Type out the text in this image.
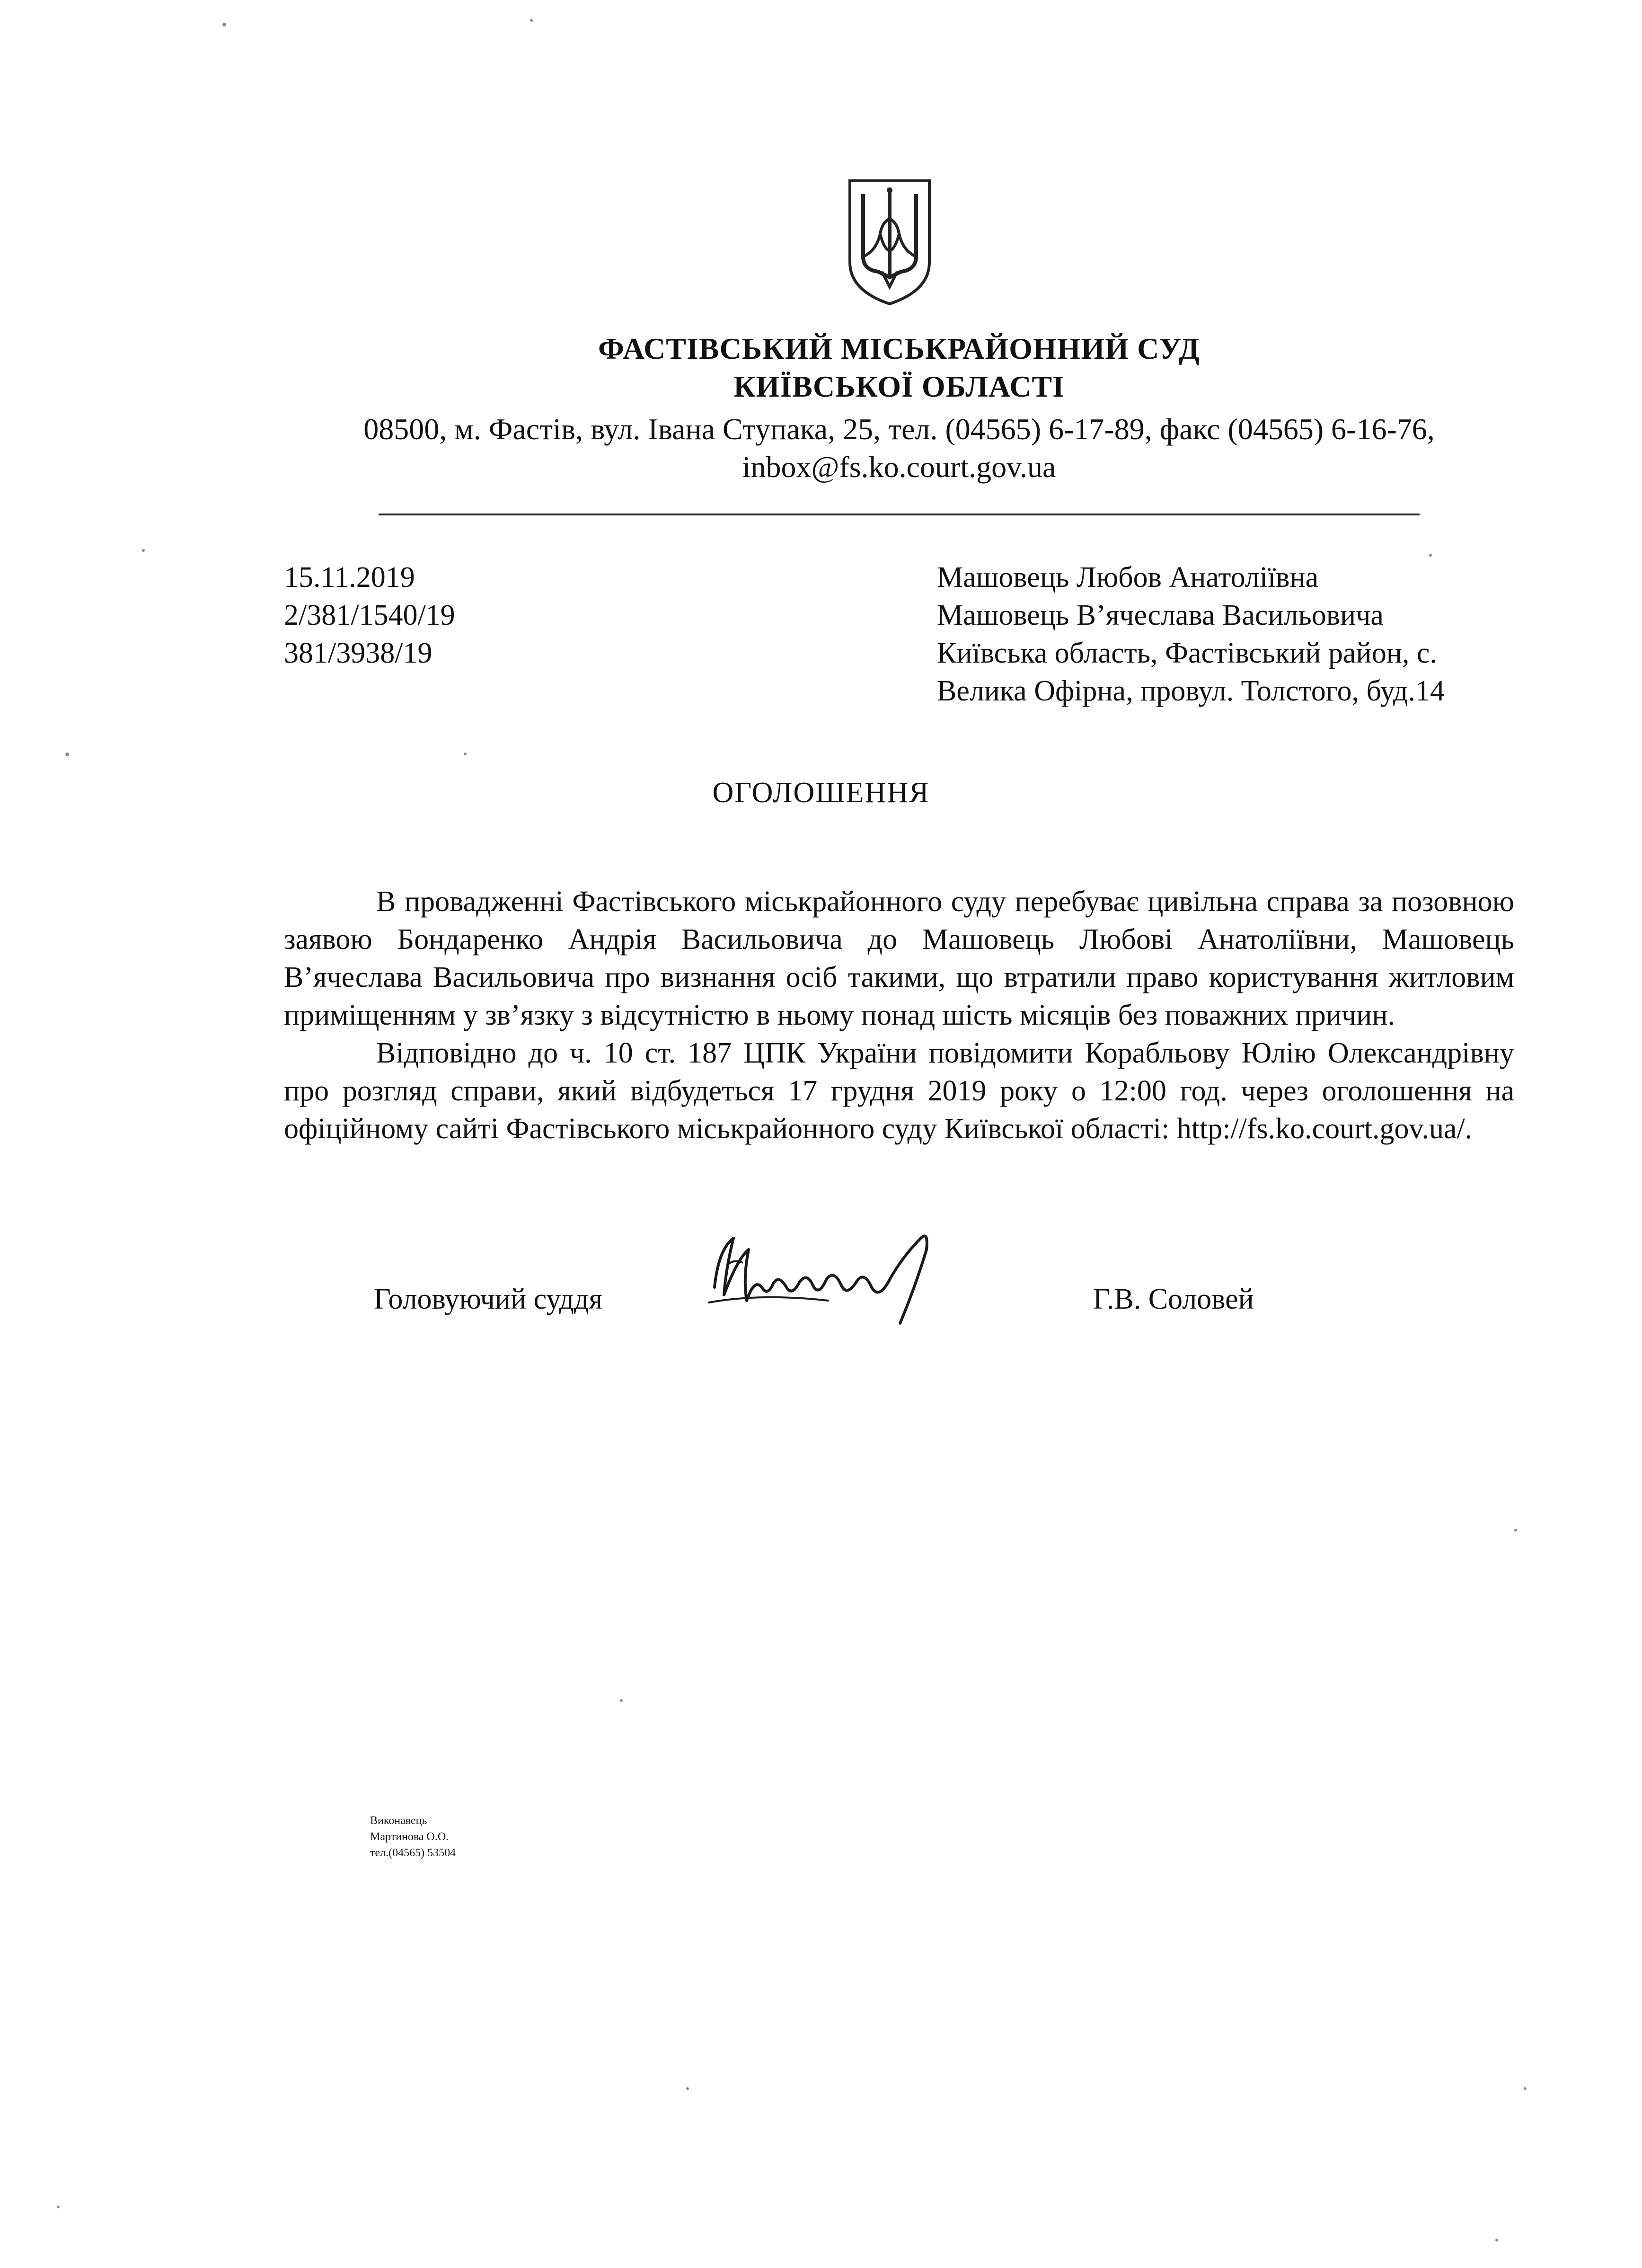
ФАСТІВСЬКИЙ МІСЬКРАЙОННИЙ СУД
КИЇВСЬКОЇ ОБЛАСТІ
08500, м. Фастів, вул. Івана Ступака, 25, тел. (04565) 6-17-89, факс (04565) 6-16-76,
inbox@fs.ko.court.gov.ua
15.11.2019
2/381/1540/19
381/3938/19
Машовець Любов Анатоліївна
Машовець В’ячеслава Васильовича
Київська область, Фастівський район, с.
Велика Офірна, провул. Толстого, буд.14
ОГОЛОШЕННЯ

В провадженні Фастівського міськрайонного суду перебуває цивільна справа за позовною заявою Бондаренко Андрія Васильовича до Машовець Любові Анатоліївни, Машовець В’ячеслава Васильовича про визнання осіб такими, що втратили право користування житловим приміщенням у зв’язку з відсутністю в ньому понад шість місяців без поважних причин.

Відповідно до ч. 10 ст. 187 ЦПК України повідомити Корабльову Юлію Олександрівну про розгляд справи, який відбудеться 17 грудня 2019 року о 12:00 год. через оголошення на офіційному сайті Фастівського міськрайонного суду Київської області: http://fs.ko.court.gov.ua/.

Головуючий суддя	Г.В. Соловей
Виконавець
Мартинова О.О.
тел.(04565) 53504
